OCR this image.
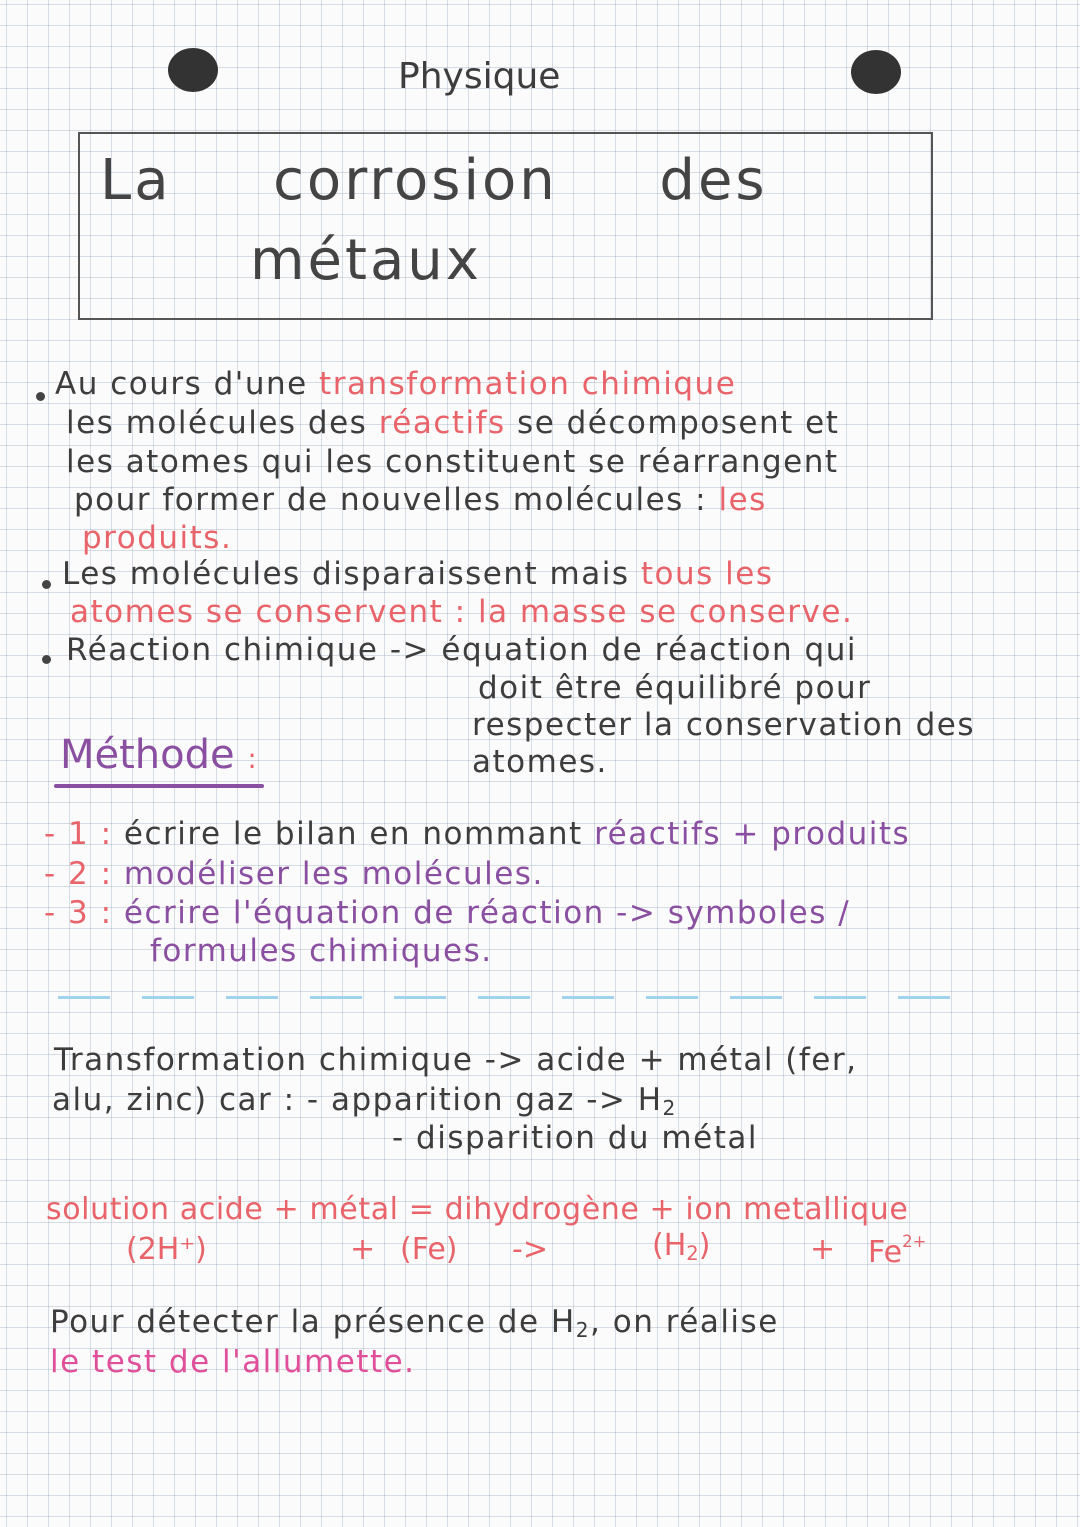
Physique
La corrosion des
métaux
Au cours d'une transformation chimique
les molécules des réactifs se décomposent et
les atomes qui les constituent se réarrangent
pour former de nouvelles molécules : les
produits.
Les molécules disparaissent mais tous les
atomes se conservent : la masse se conserve.
Réaction chimique -> équation de réaction qui
doit être équilibré pour
respecter la conservation des
atomes.
Méthode :
- 1 : écrire le bilan en nommant réactifs + produits
- 2 : modéliser les molécules.
- 3 : écrire l'équation de réaction -> symboles /
formules chimiques.
Transformation chimique -> acide + métal (fer,
alu, zinc) car : - apparition gaz -> $H_2$
- disparition du métal
solution acide + métal = dihydrogène + ion metallique
(2H⁺)	+ (Fe) ->	$(H_2)$	+ $Fe^{2+}$
Pour détecter la présence de $H_2$, on réalise
le test de l'allumette.
